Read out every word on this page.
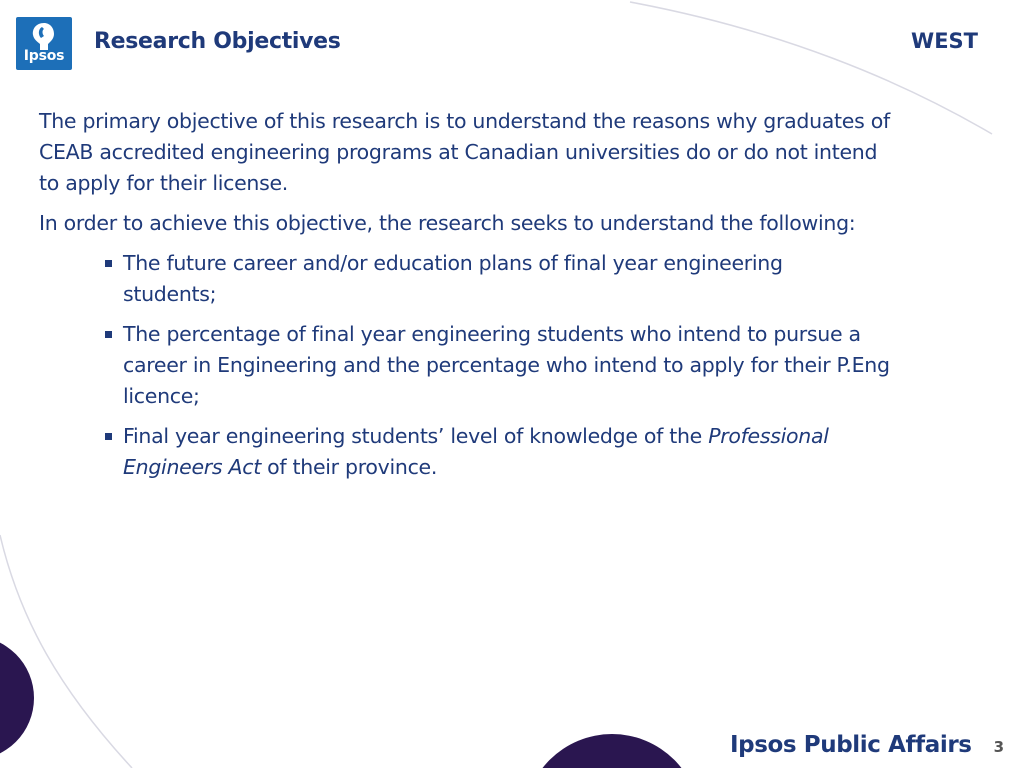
Ipsos
Research Objectives	WEST

The primary objective of this research is to understand the reasons why graduates of CEAB accredited engineering programs at Canadian universities do or do not intend to apply for their license.

In order to achieve this objective, the research seeks to understand the following:

The future career and/or education plans of final year engineering students;
The percentage of final year engineering students who intend to pursue a career in Engineering and the percentage who intend to apply for their P.Eng licence;
Final year engineering students’ level of knowledge of the Professional Engineers Act of their province.
Ipsos Public Affairs 3
